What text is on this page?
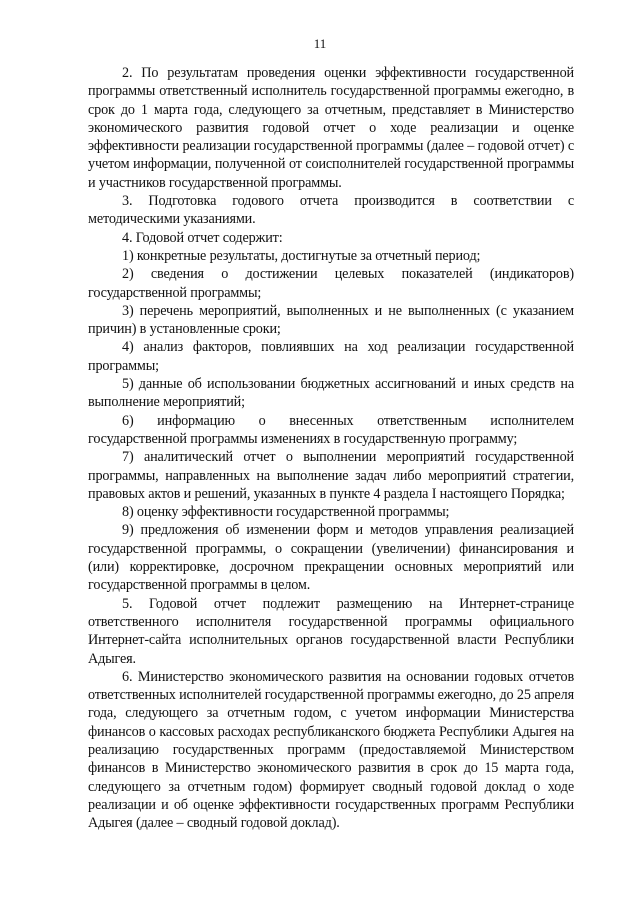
11

2. По результатам проведения оценки эффективности государственной программы ответственный исполнитель государственной программы ежегодно, в срок до 1 марта года, следующего за отчетным, представляет в Министерство экономического развития годовой отчет о ходе реализации и оценке эффективности реализации государственной программы (далее – годовой отчет) с учетом информации, полученной от соисполнителей государственной программы и участников государственной программы.

3. Подготовка годового отчета производится в соответствии с методическими указаниями.

4. Годовой отчет содержит:

1) конкретные результаты, достигнутые за отчетный период;

2) сведения о достижении целевых показателей (индикаторов) государственной программы;

3) перечень мероприятий, выполненных и не выполненных (с указанием причин) в установленные сроки;

4) анализ факторов, повлиявших на ход реализации государственной программы;

5) данные об использовании бюджетных ассигнований и иных средств на выполнение мероприятий;

6) информацию о внесенных ответственным исполнителем государственной программы изменениях в государственную программу;

7) аналитический отчет о выполнении мероприятий государственной программы, направленных на выполнение задач либо мероприятий стратегии, правовых актов и решений, указанных в пункте 4 раздела I настоящего Порядка;

8) оценку эффективности государственной программы;

9) предложения об изменении форм и методов управления реализацией государственной программы, о сокращении (увеличении) финансирования и (или) корректировке, досрочном прекращении основных мероприятий или государственной программы в целом.

5. Годовой отчет подлежит размещению на Интернет-странице ответственного исполнителя государственной программы официального Интернет-сайта исполнительных органов государственной власти Республики Адыгея.

6. Министерство экономического развития на основании годовых отчетов ответственных исполнителей государственной программы ежегодно, до 25 апреля года, следующего за отчетным годом, с учетом информации Министерства финансов о кассовых расходах республиканского бюджета Республики Адыгея на реализацию государственных программ (предоставляемой Министерством финансов в Министерство экономического развития в срок до 15 марта года, следующего за отчетным годом) формирует сводный годовой доклад о ходе реализации и об оценке эффективности государственных программ Республики Адыгея (далее – сводный годовой доклад).
